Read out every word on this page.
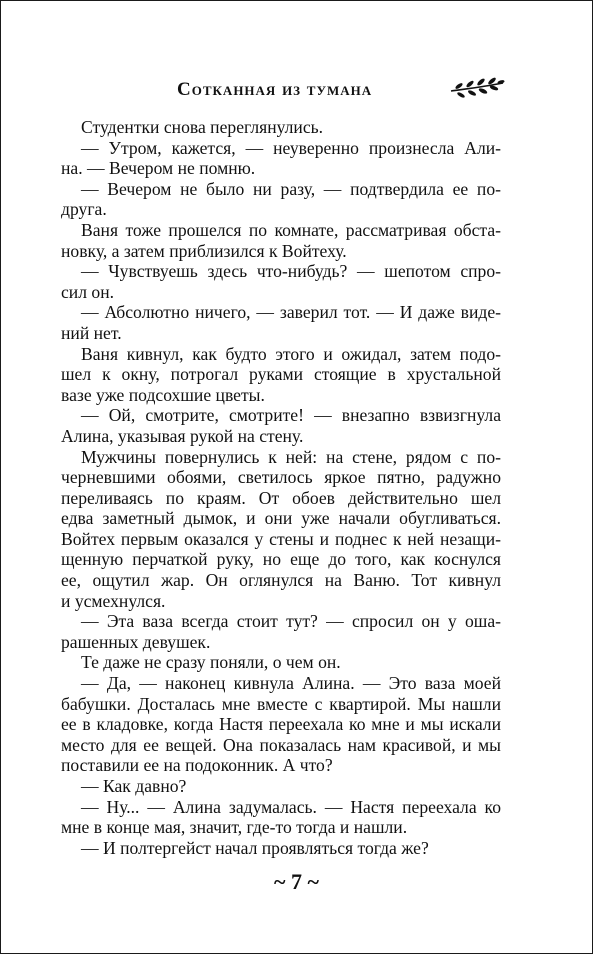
Сотканная из тумана
Студентки снова переглянулись.
— Утром, кажется, — неуверенно произнесла Али-
на. — Вечером не помню.
— Вечером не было ни разу, — подтвердила ее по-
друга.
Ваня тоже прошелся по комнате, рассматривая обста-
новку, а затем приблизился к Войтеху.
— Чувствуешь здесь что-нибудь? — шепотом спро-
сил он.
— Абсолютно ничего, — заверил тот. — И даже виде-
ний нет.
Ваня кивнул, как будто этого и ожидал, затем подо-
шел к окну, потрогал руками стоящие в хрустальной
вазе уже подсохшие цветы.
— Ой, смотрите, смотрите! — внезапно взвизгнула
Алина, указывая рукой на стену.
Мужчины повернулись к ней: на стене, рядом с по-
черневшими обоями, светилось яркое пятно, радужно
переливаясь по краям. От обоев действительно шел
едва заметный дымок, и они уже начали обугливаться.
Войтех первым оказался у стены и поднес к ней незащи-
щенную перчаткой руку, но еще до того, как коснулся
ее, ощутил жар. Он оглянулся на Ваню. Тот кивнул
и усмехнулся.
— Эта ваза всегда стоит тут? — спросил он у оша-
рашенных девушек.
Те даже не сразу поняли, о чем он.
— Да, — наконец кивнула Алина. — Это ваза моей
бабушки. Досталась мне вместе с квартирой. Мы нашли
ее в кладовке, когда Настя переехала ко мне и мы искали
место для ее вещей. Она показалась нам красивой, и мы
поставили ее на подоконник. А что?
— Как давно?
— Ну... — Алина задумалась. — Настя переехала ко
мне в конце мая, значит, где-то тогда и нашли.
— И полтергейст начал проявляться тогда же?
~ 7 ~
